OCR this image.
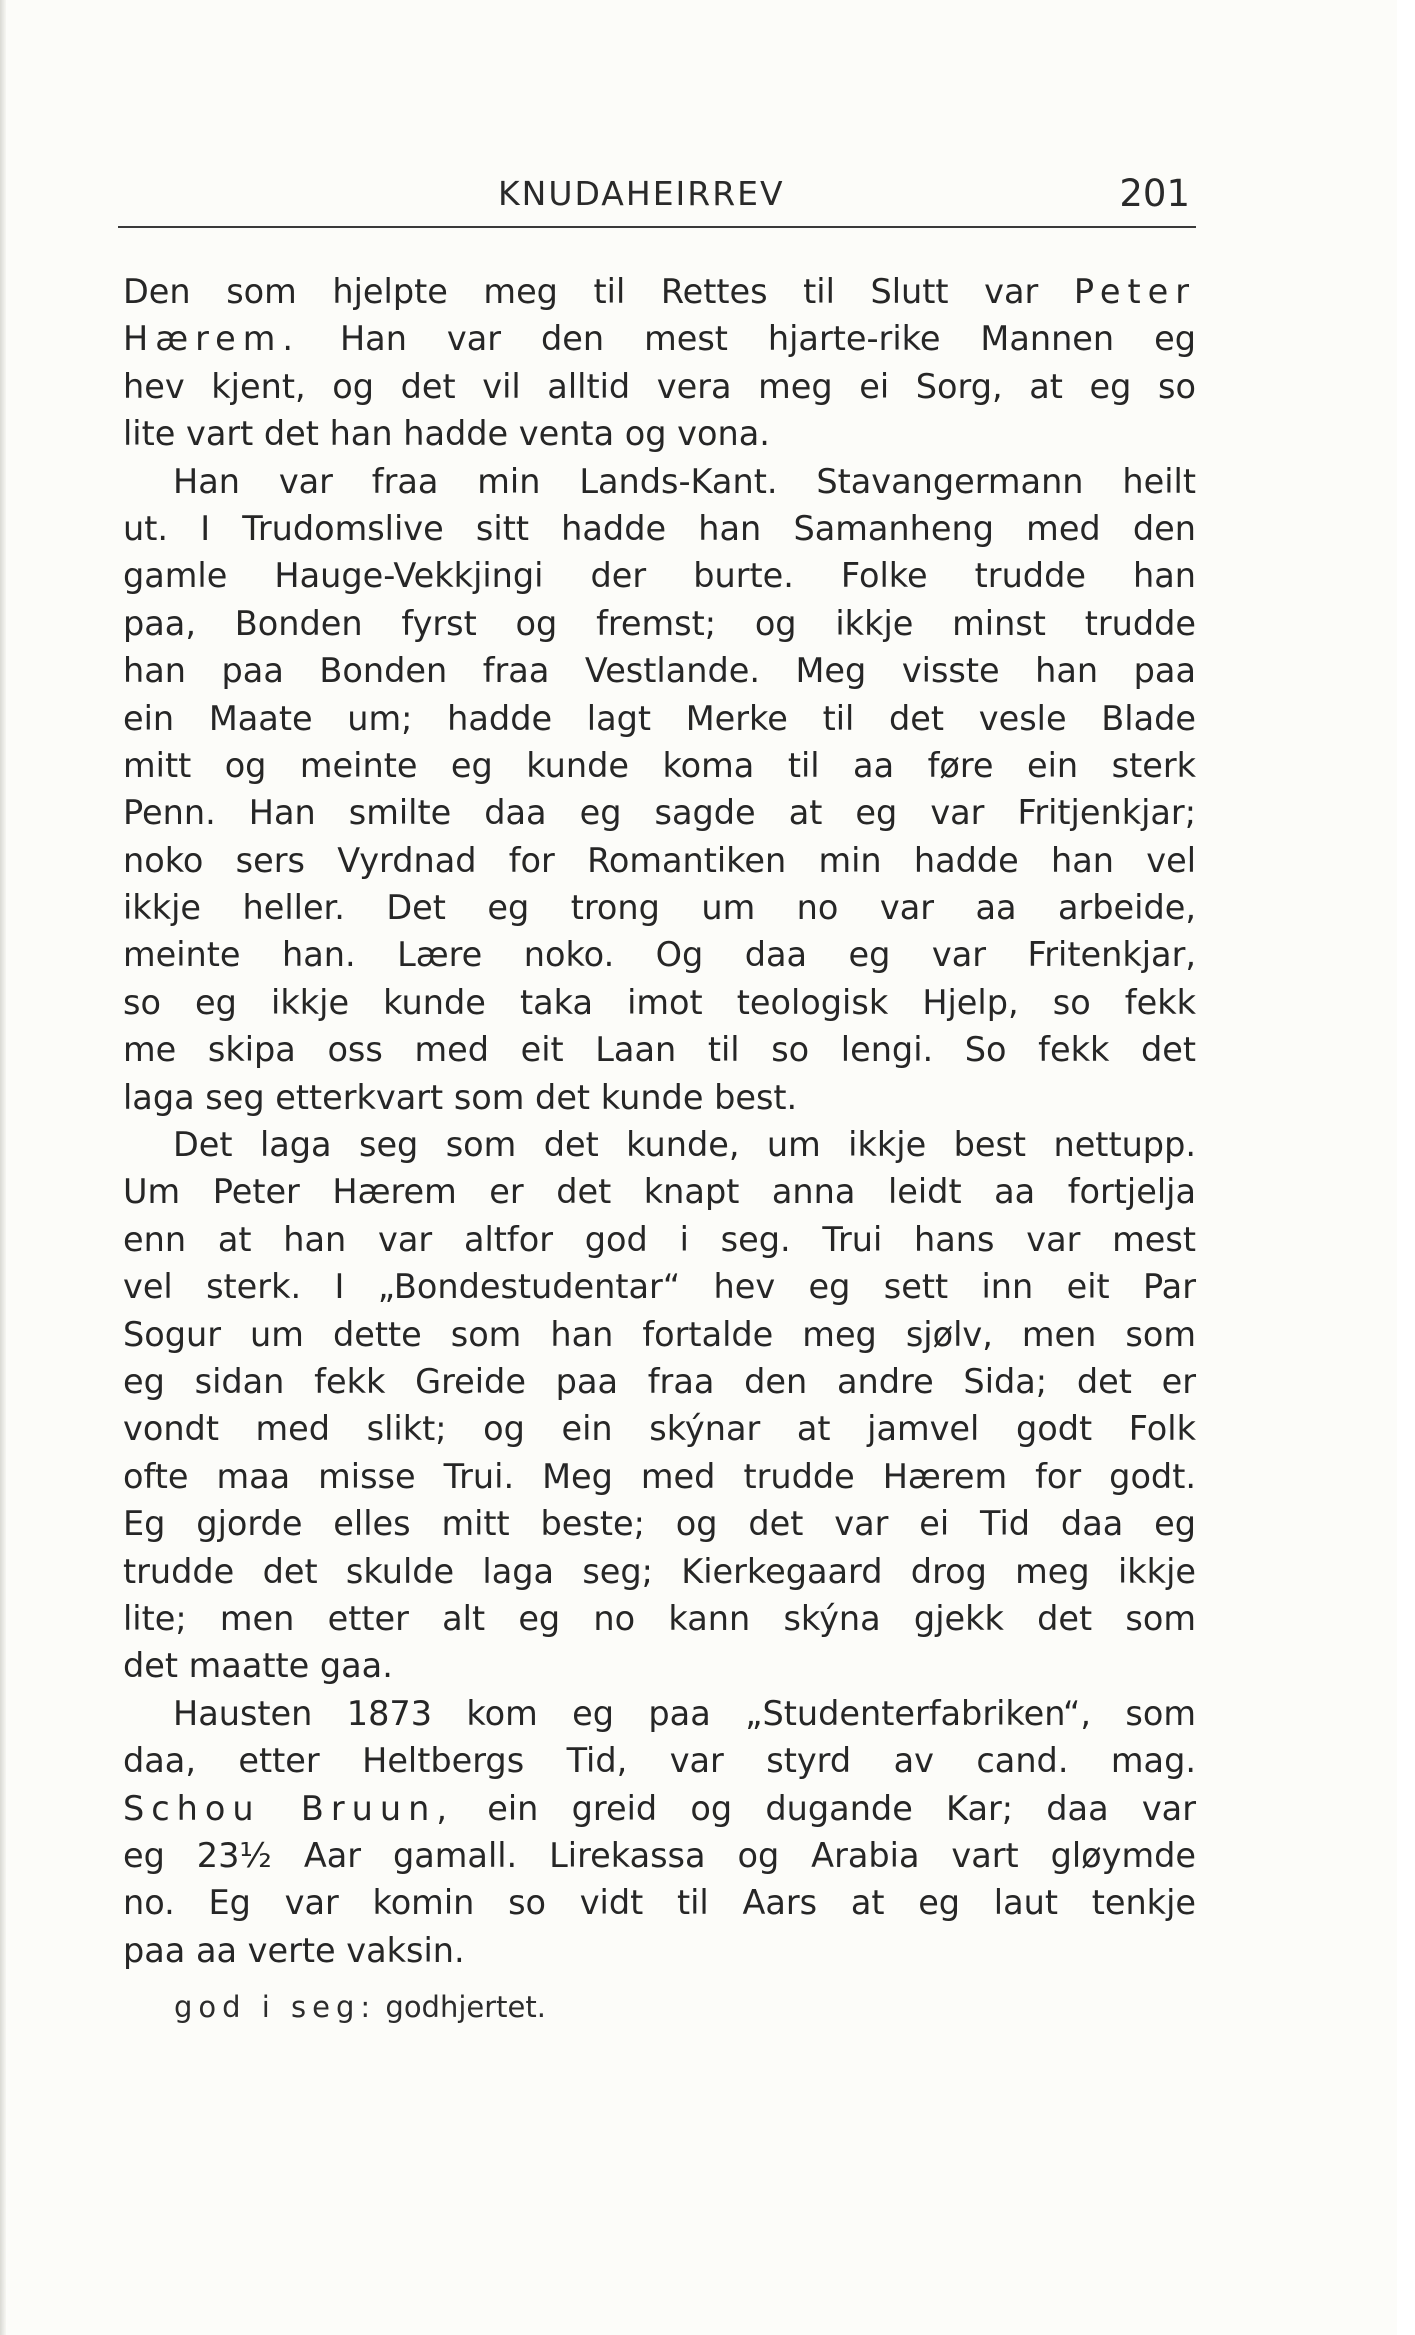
KNUDAHEIRREV	201
Den som hjelpte meg til Rettes til Slutt var Peter
Hærem. Han var den mest hjarte-rike Mannen eg
hev kjent, og det vil alltid vera meg ei Sorg, at eg so
lite vart det han hadde venta og vona.
Han var fraa min Lands-Kant. Stavangermann heilt
ut. I Trudomslive sitt hadde han Samanheng med den
gamle Hauge-Vekkjingi der burte. Folke trudde han
paa, Bonden fyrst og fremst; og ikkje minst trudde
han paa Bonden fraa Vestlande. Meg visste han paa
ein Maate um; hadde lagt Merke til det vesle Blade
mitt og meinte eg kunde koma til aa føre ein sterk
Penn. Han smilte daa eg sagde at eg var Fritjenkjar;
noko sers Vyrdnad for Romantiken min hadde han vel
ikkje heller. Det eg trong um no var aa arbeide,
meinte han. Lære noko. Og daa eg var Fritenkjar,
so eg ikkje kunde taka imot teologisk Hjelp, so fekk
me skipa oss med eit Laan til so lengi. So fekk det
laga seg etterkvart som det kunde best.
Det laga seg som det kunde, um ikkje best nettupp.
Um Peter Hærem er det knapt anna leidt aa fortjelja
enn at han var altfor god i seg. Trui hans var mest
vel sterk. I „Bondestudentar“ hev eg sett inn eit Par
Sogur um dette som han fortalde meg sjølv, men som
eg sidan fekk Greide paa fraa den andre Sida; det er
vondt med slikt; og ein skýnar at jamvel godt Folk
ofte maa misse Trui. Meg med trudde Hærem for godt.
Eg gjorde elles mitt beste; og det var ei Tid daa eg
trudde det skulde laga seg; Kierkegaard drog meg ikkje
lite; men etter alt eg no kann skýna gjekk det som
det maatte gaa.
Hausten 1873 kom eg paa „Studenterfabriken“, som
daa, etter Heltbergs Tid, var styrd av cand. mag.
Schou Bruun, ein greid og dugande Kar; daa var
eg 23½ Aar gamall. Lirekassa og Arabia vart gløymde
no. Eg var komin so vidt til Aars at eg laut tenkje
paa aa verte vaksin.
god i seg: godhjertet.
